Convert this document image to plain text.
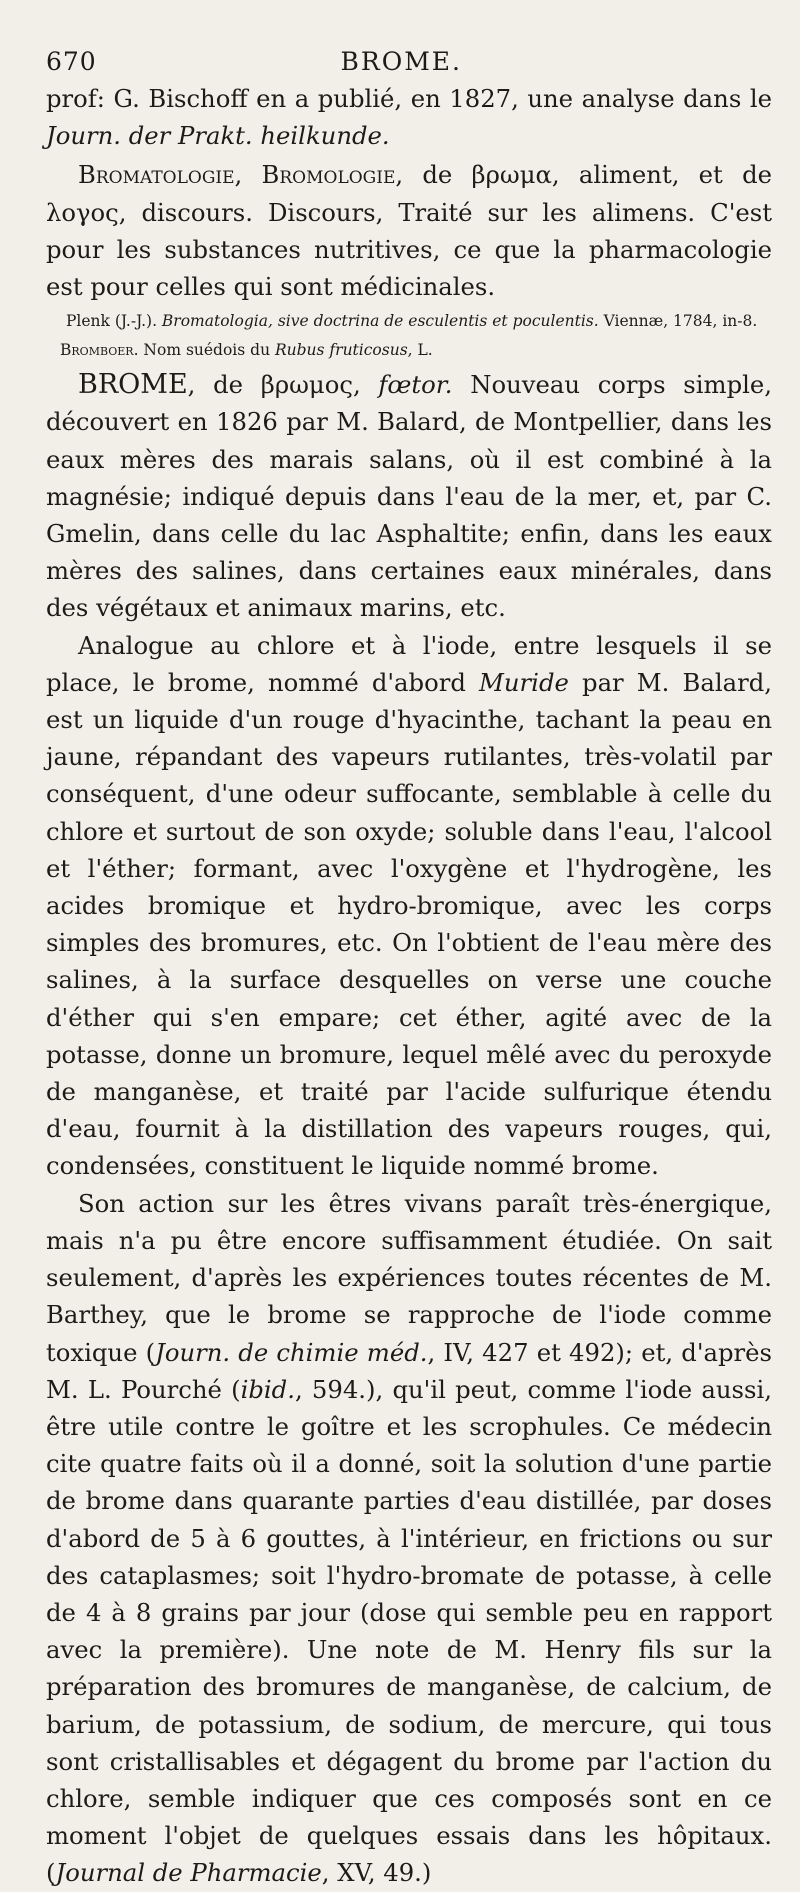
670	BROME.

prof: G. Bischoff en a publié, en 1827, une analyse dans le Journ. der Prakt. heilkunde.

Bromatologie, Bromologie, de βρωμα, aliment, et de λογος, discours. Discours, Traité sur les alimens. C'est pour les substances nutritives, ce que la pharmacologie est pour celles qui sont médicinales.

Plenk (J.-J.). Bromatologia, sive doctrina de esculentis et poculentis. Viennæ, 1784, in-8.

Bromboer. Nom suédois du Rubus fruticosus, L.

BROME, de βρωμος, fœtor. Nouveau corps simple, découvert en 1826 par M. Balard, de Montpellier, dans les eaux mères des marais salans, où il est combiné à la magnésie; indiqué depuis dans l'eau de la mer, et, par C. Gmelin, dans celle du lac Asphaltite; enfin, dans les eaux mères des salines, dans certaines eaux minérales, dans des végétaux et animaux marins, etc.

Analogue au chlore et à l'iode, entre lesquels il se place, le brome, nommé d'abord Muride par M. Balard, est un liquide d'un rouge d'hyacinthe, tachant la peau en jaune, répandant des vapeurs rutilantes, très-volatil par conséquent, d'une odeur suffocante, semblable à celle du chlore et surtout de son oxyde; soluble dans l'eau, l'alcool et l'éther; formant, avec l'oxygène et l'hydrogène, les acides bromique et hydro-bromique, avec les corps simples des bromures, etc. On l'obtient de l'eau mère des salines, à la surface desquelles on verse une couche d'éther qui s'en empare; cet éther, agité avec de la potasse, donne un bromure, lequel mêlé avec du peroxyde de manganèse, et traité par l'acide sulfurique étendu d'eau, fournit à la distillation des vapeurs rouges, qui, condensées, constituent le liquide nommé brome.

Son action sur les êtres vivans paraît très-énergique, mais n'a pu être encore suffisamment étudiée. On sait seulement, d'après les expériences toutes récentes de M. Barthey, que le brome se rapproche de l'iode comme toxique (Journ. de chimie méd., IV, 427 et 492); et, d'après M. L. Pourché (ibid., 594.), qu'il peut, comme l'iode aussi, être utile contre le goître et les scrophules. Ce médecin cite quatre faits où il a donné, soit la solution d'une partie de brome dans quarante parties d'eau distillée, par doses d'abord de 5 à 6 gouttes, à l'intérieur, en frictions ou sur des cataplasmes; soit l'hydro-bromate de potasse, à celle de 4 à 8 grains par jour (dose qui semble peu en rapport avec la première). Une note de M. Henry fils sur la préparation des bromures de manganèse, de calcium, de barium, de potassium, de sodium, de mercure, qui tous sont cristallisables et dégagent du brome par l'action du chlore, semble indiquer que ces composés sont en ce moment l'objet de quelques essais dans les hôpitaux. (Journal de Pharmacie, XV, 49.)
